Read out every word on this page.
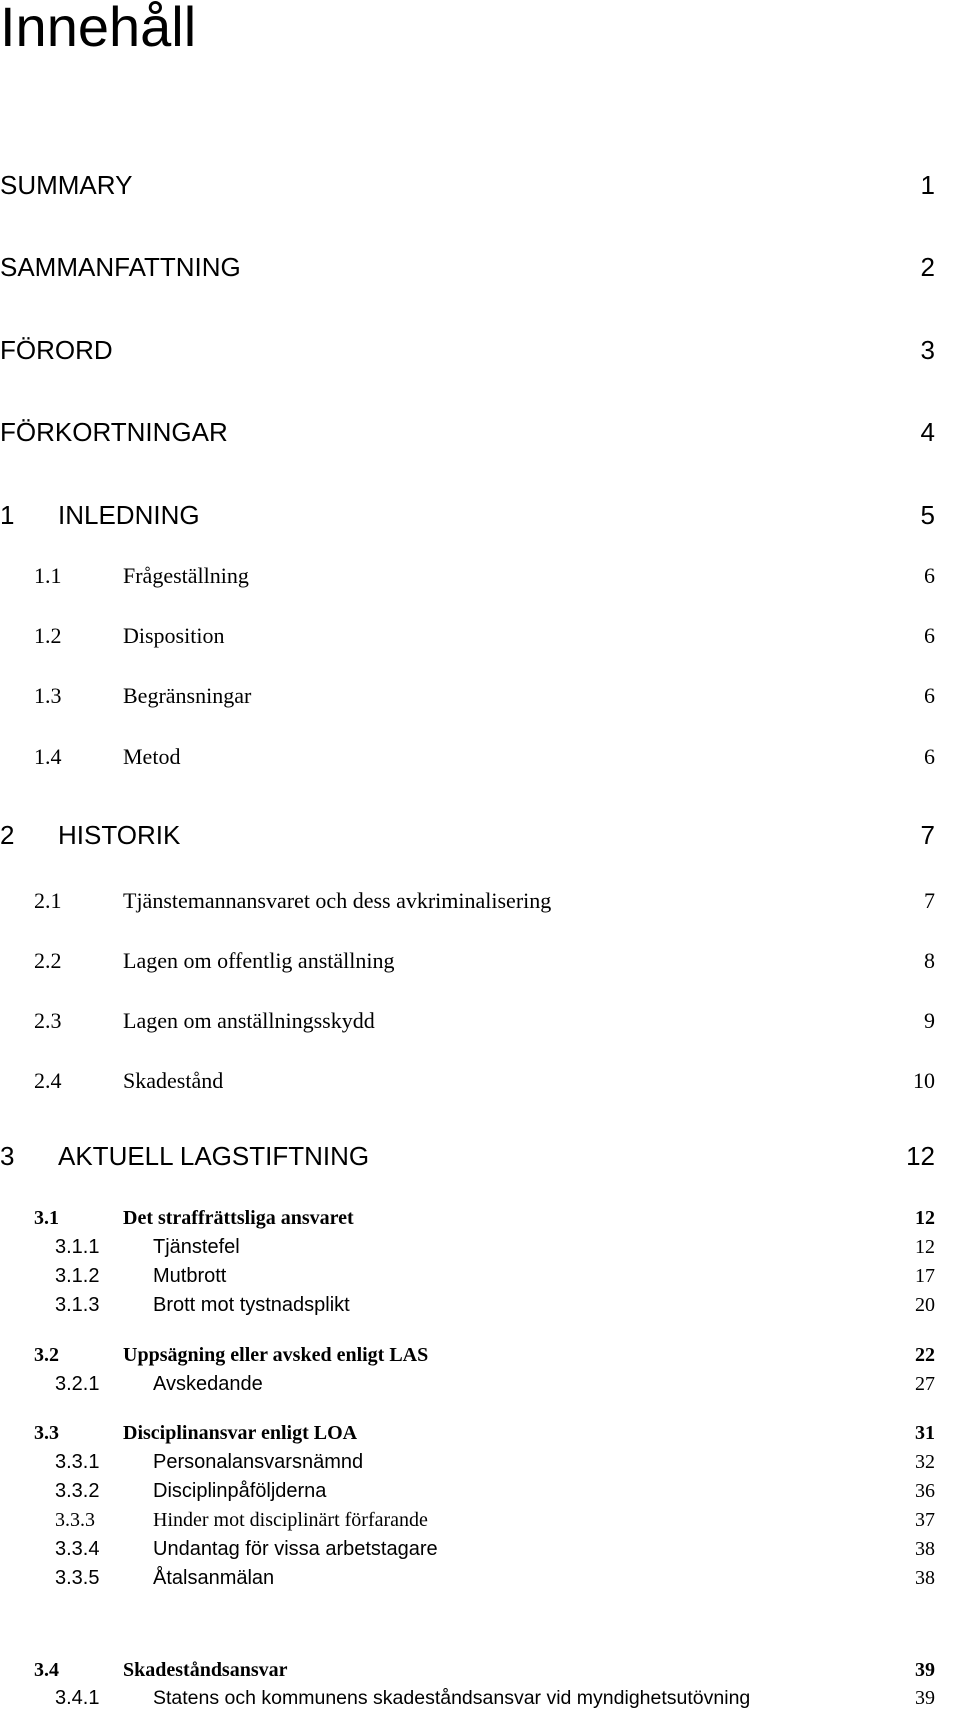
Innehåll
SUMMARY	1
SAMMANFATTNING	2
FÖRORD	3
FÖRKORTNINGAR	4
1 INLEDNING	5
1.1	Frågeställning	6
1.2	Disposition	6
1.3	Begränsningar	6
1.4	Metod	6
2 HISTORIK	7
2.1	Tjänstemannansvaret och dess avkriminalisering	7
2.2	Lagen om offentlig anställning	8
2.3	Lagen om anställningsskydd	9
2.4	Skadestånd	10
3 AKTUELL LAGSTIFTNING	12
3.1	Det straffrättsliga ansvaret	12
3.1.1	Tjänstefel	12
3.1.2	Mutbrott	17
3.1.3	Brott mot tystnadsplikt	20
3.2	Uppsägning eller avsked enligt LAS	22
3.2.1	Avskedande	27
3.3	Disciplinansvar enligt LOA	31
3.3.1	Personalansvarsnämnd	32
3.3.2	Disciplinpåföljderna	36
3.3.3	Hinder mot disciplinärt förfarande	37
3.3.4	Undantag för vissa arbetstagare	38
3.3.5	Åtalsanmälan	38
3.4	Skadeståndsansvar	39
3.4.1	Statens och kommunens skadeståndsansvar vid myndighetsutövning	39
